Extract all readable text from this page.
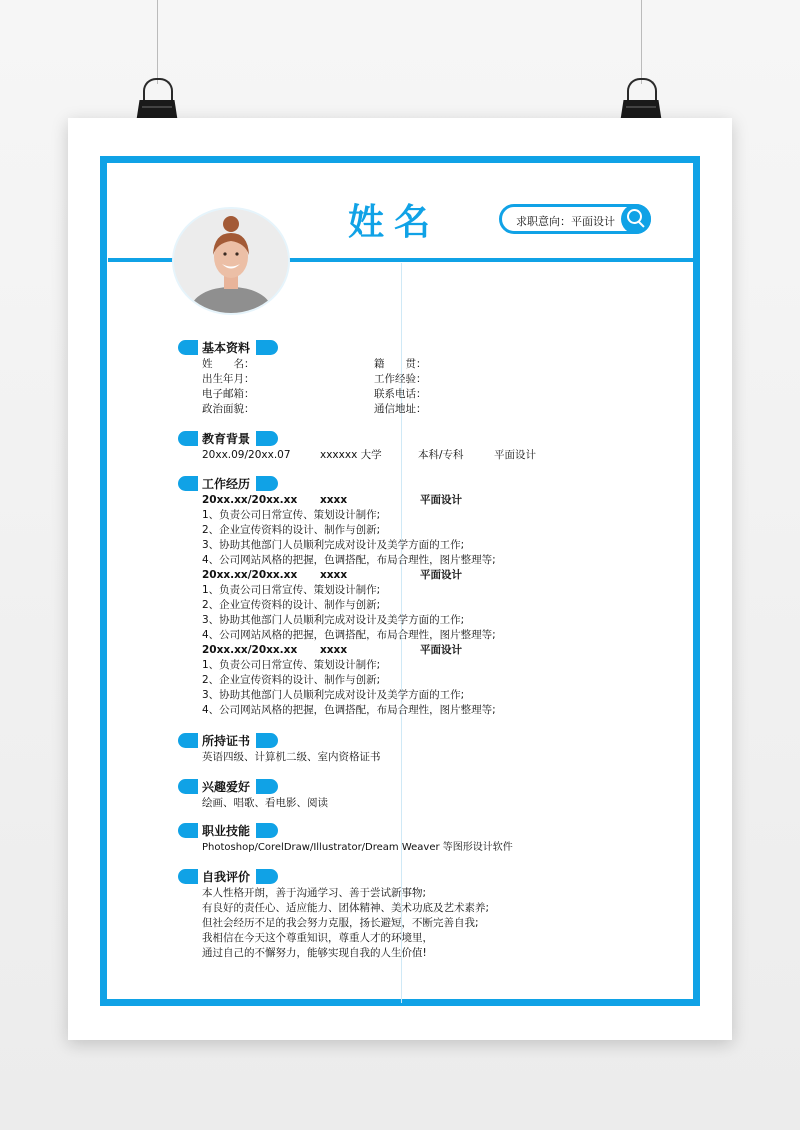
姓名	求职意向：平面设计
基本资料
姓　　名：	籍　　贯：
出生年月：	工作经验：
电子邮箱：	联系电话：
政治面貌：	通信地址：
教育背景
20xx.09/20xx.07	xxxxxx 大学	本科/专科	平面设计
工作经历
20xx.xx/20xx.xx xxxx	平面设计
1、负责公司日常宣传、策划设计制作;
2、企业宣传资料的设计、制作与创新;
3、协助其他部门人员顺利完成对设计及美学方面的工作;
4、公司网站风格的把握，色调搭配，布局合理性，图片整理等;
20xx.xx/20xx.xx xxxx	平面设计
1、负责公司日常宣传、策划设计制作;
2、企业宣传资料的设计、制作与创新;
3、协助其他部门人员顺利完成对设计及美学方面的工作;
4、公司网站风格的把握，色调搭配，布局合理性，图片整理等;
20xx.xx/20xx.xx xxxx	平面设计
1、负责公司日常宣传、策划设计制作;
2、企业宣传资料的设计、制作与创新;
3、协助其他部门人员顺利完成对设计及美学方面的工作;
4、公司网站风格的把握，色调搭配，布局合理性，图片整理等;
所持证书
英语四级、计算机二级、室内资格证书
兴趣爱好
绘画、唱歌、看电影、阅读
职业技能
Photoshop/CorelDraw/Illustrator/Dream Weaver 等图形设计软件
自我评价
本人性格开朗，善于沟通学习、善于尝试新事物;
有良好的责任心、适应能力、团体精神、美术功底及艺术素养;
但社会经历不足的我会努力克服，扬长避短，不断完善自我;
我相信在今天这个尊重知识，尊重人才的环境里，
通过自己的不懈努力，能够实现自我的人生价值!
